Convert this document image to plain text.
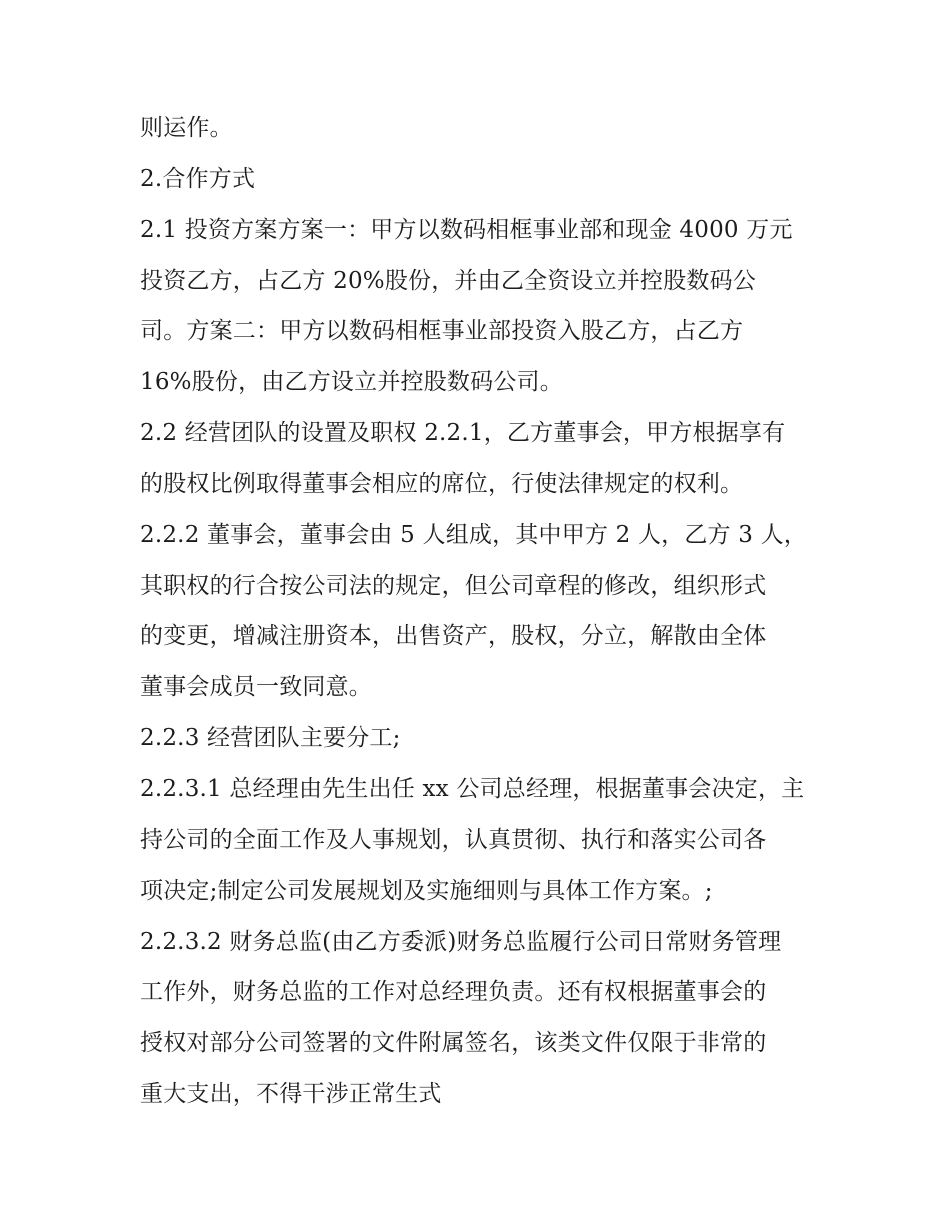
则运作。
2.合作方式
2.1 投资方案方案一：甲方以数码相框事业部和现金 4000 万元
投资乙方，占乙方 20%股份，并由乙全资设立并控股数码公
司。方案二：甲方以数码相框事业部投资入股乙方，占乙方
16%股份，由乙方设立并控股数码公司。
2.2 经营团队的设置及职权 2.2.1，乙方董事会，甲方根据享有
的股权比例取得董事会相应的席位，行使法律规定的权利。
2.2.2 董事会，董事会由 5 人组成，其中甲方 2 人，乙方 3 人，
其职权的行合按公司法的规定，但公司章程的修改，组织形式
的变更，增减注册资本，出售资产，股权，分立，解散由全体
董事会成员一致同意。
2.2.3 经营团队主要分工;
2.2.3.1 总经理由先生出任 xx 公司总经理，根据董事会决定，主
持公司的全面工作及人事规划，认真贯彻、执行和落实公司各
项决定;制定公司发展规划及实施细则与具体工作方案。;
2.2.3.2 财务总监(由乙方委派)财务总监履行公司日常财务管理
工作外，财务总监的工作对总经理负责。还有权根据董事会的
授权对部分公司签署的文件附属签名，该类文件仅限于非常的
重大支出，不得干涉正常生式
